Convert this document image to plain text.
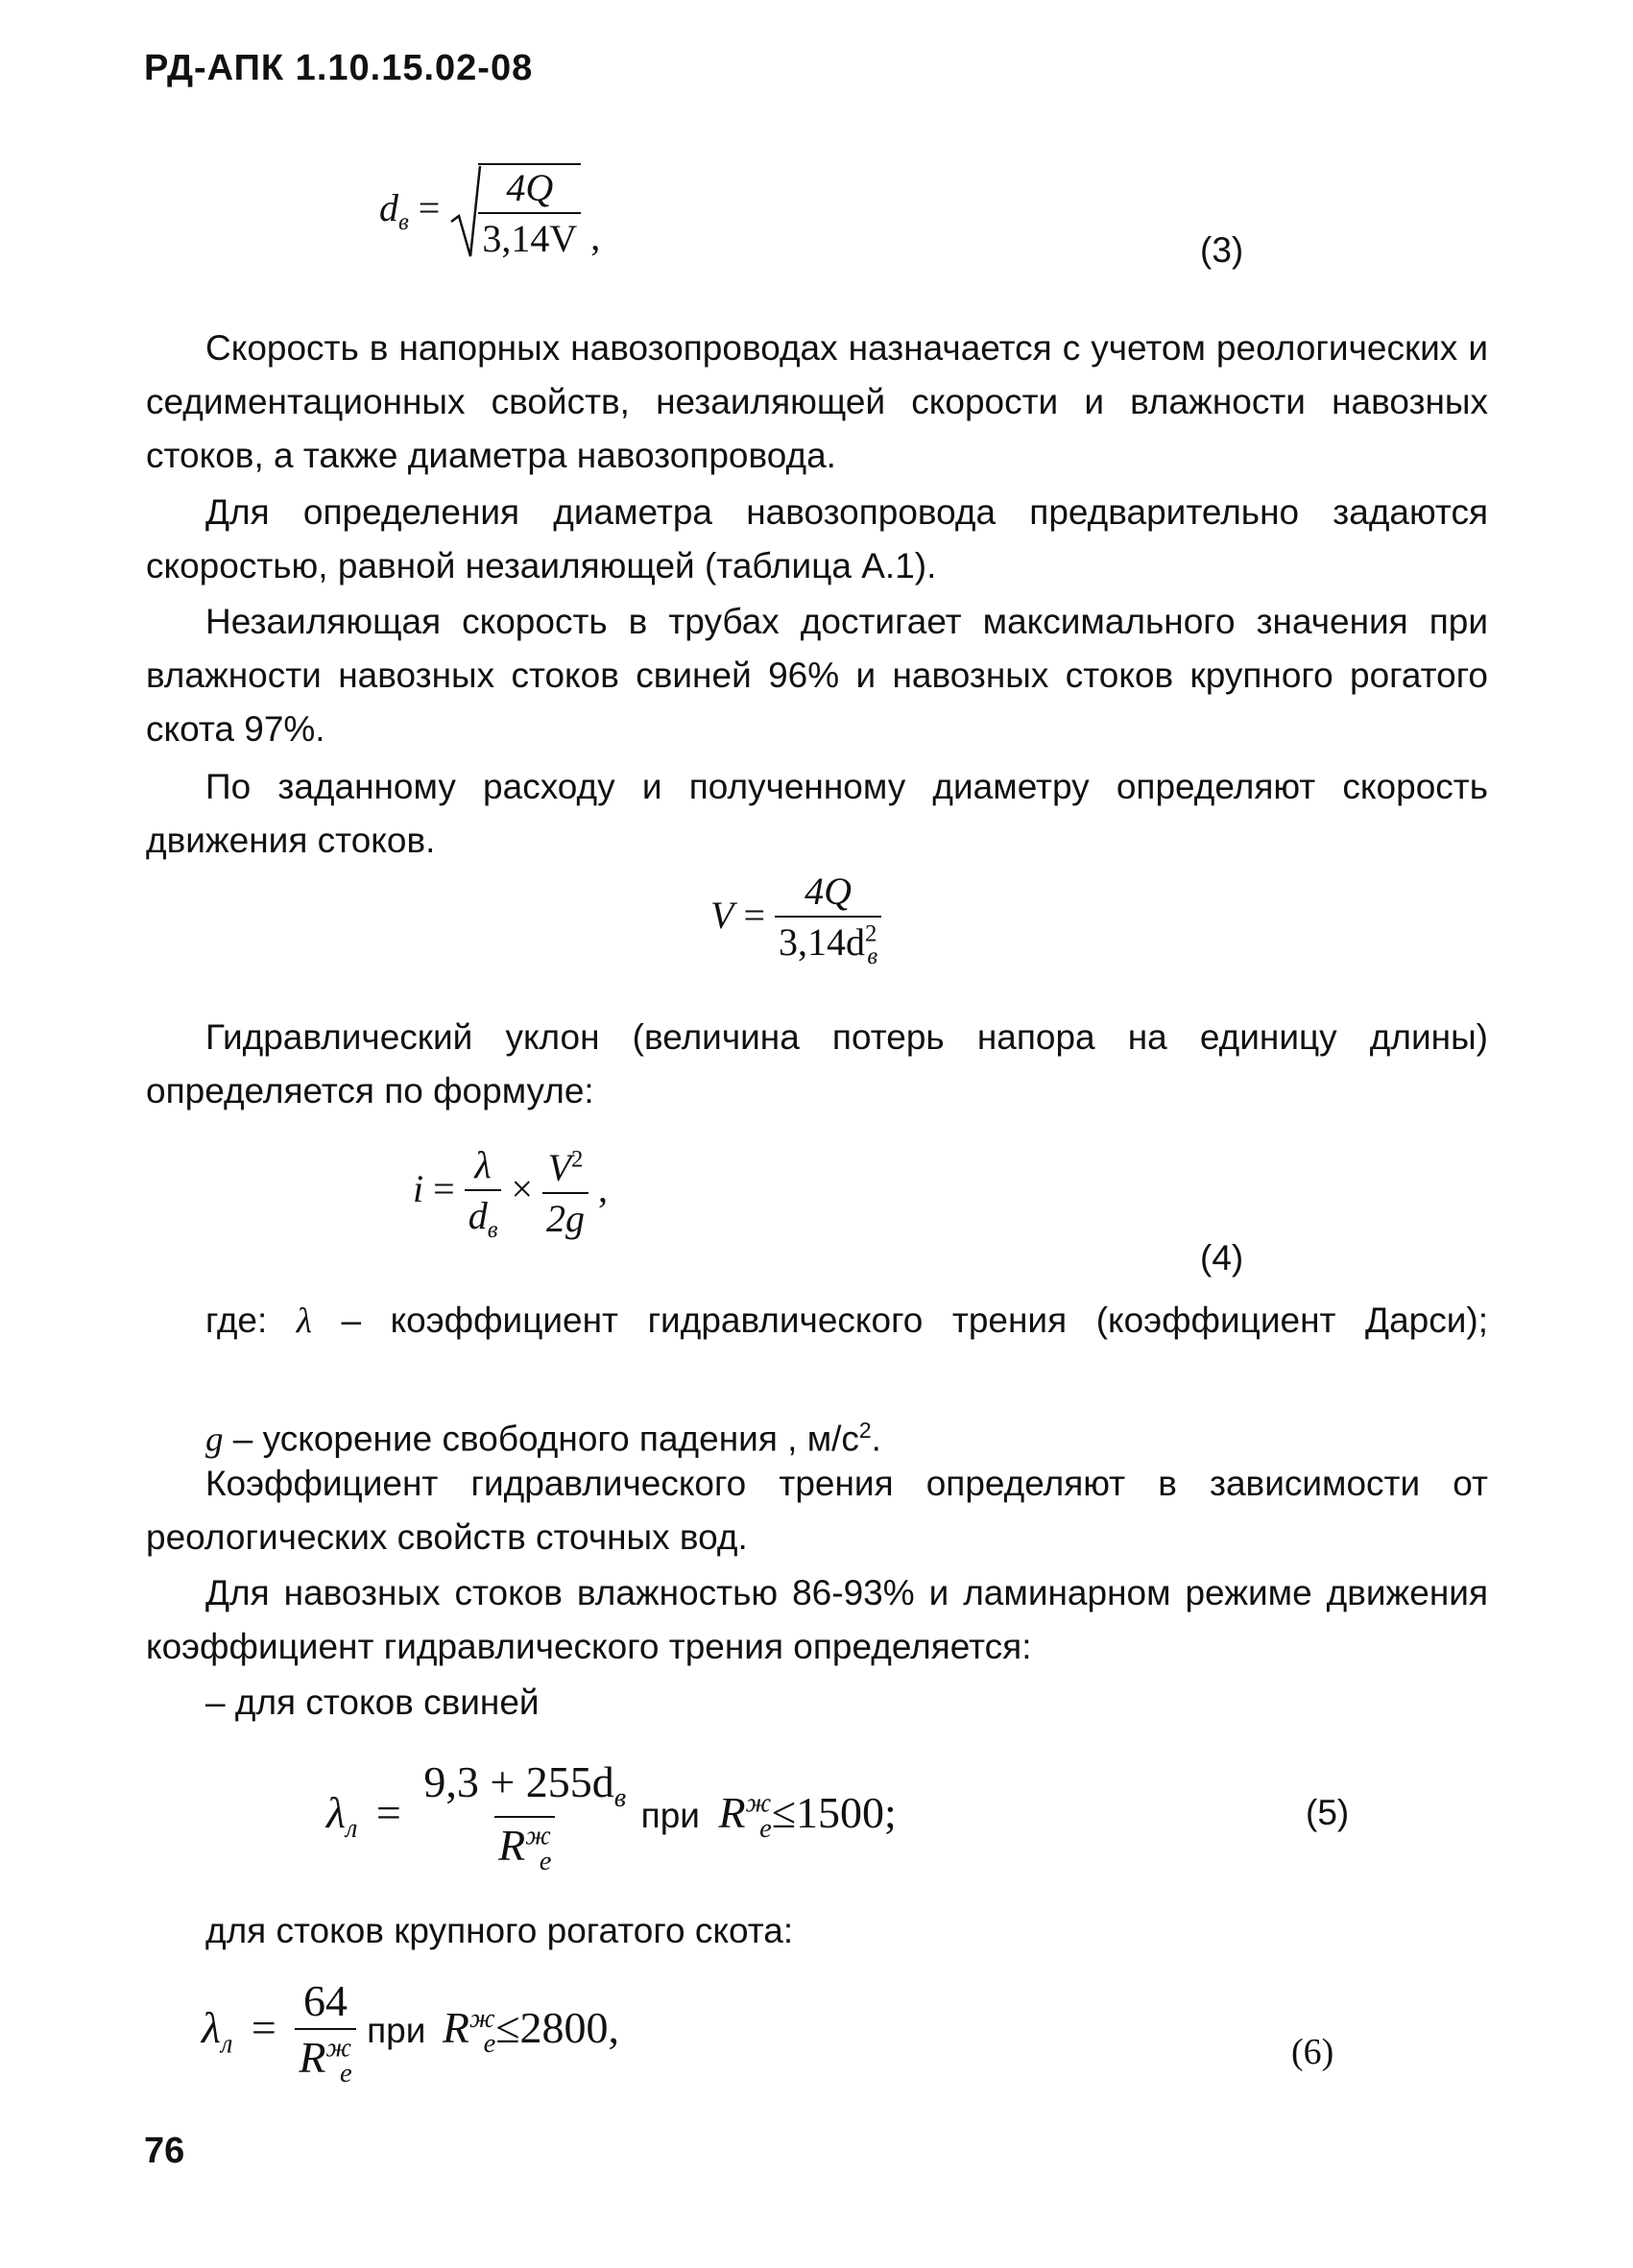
РД-АПК 1.10.15.02-08
$d_в = \frac{4Q}{3,14V}$ ,	(3)
Скорость в напорных навозопроводах назначается с учетом реологических и седиментационных свойств, незаиляющей скорости и влажности навозных стоков, а также диаметра навозопровода.
Для определения диаметра навозопровода предварительно задаются скоростью, равной незаиляющей (таблица А.1).
Незаиляющая скорость в трубах достигает максимального значения при влажности навозных стоков свиней 96% и навозных стоков крупного рогатого скота 97%.
По заданному расходу и полученному диаметру определяют скорость движения стоков.
$V = \frac{4Q}{3,14d^2_в}$
Гидравлический уклон (величина потерь напора на единицу длины) определяется по формуле:
$i = \frac{\lambda}{d_в} \times \frac{V^2}{2g}$ ,
(4)
где: λ – коэффициент гидравлического трения (коэффициент Дарси);
g – ускорение свободного падения , $м/с^2$.
Коэффициент гидравлического трения определяют в зависимости от реологических свойств сточных вод.
Для навозных стоков влажностью 86-93% и ламинарном режиме движения коэффициент гидравлического трения определяется:
– для стоков свиней
$\lambda_л = \frac{9,3 + 255d_в}{R^ж_е}$ при $R^ж_е\le 1500$;	(5)
для стоков крупного рогатого скота:
$\lambda_л = \frac{64}{R^ж_е}$ при $R^ж_е\le 2800$,	(6)
76
